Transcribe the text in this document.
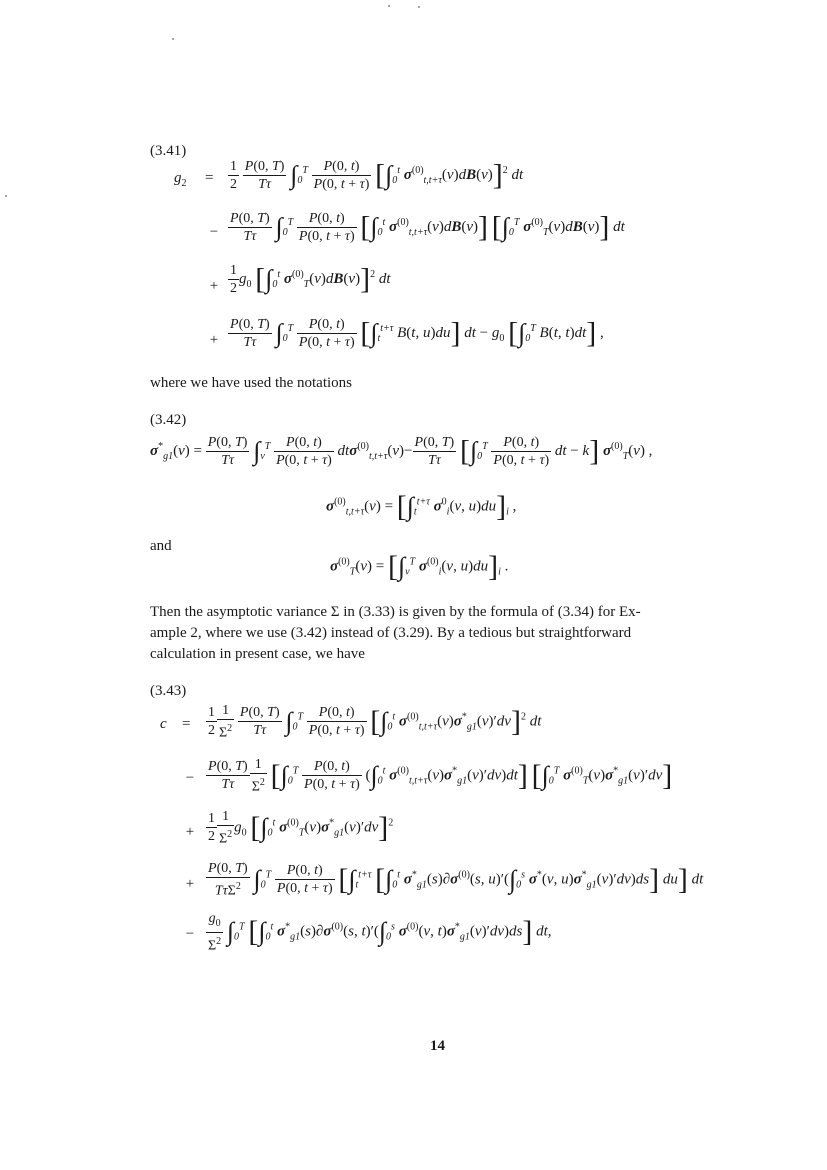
(3.41)
$g_2 = \frac{1}{2}$
$\frac{P(0, T)}{T\tau} \int_0^T \frac{P(0, t)}{P(0, t + \tau)} [\int_0^t$ $\sigma^{(0)}_{t,t+\tau}(v)dB(v)]^2$ dt
− $\frac{P(0, T)}{T\tau} \int_0^T \frac{P(0, t)}{P(0, t + \tau)} [\int_0^t$ $\sigma^{(0)}_{t,t+\tau}(v)dB(v)$] [$\int_0^T$ $\sigma^{(0)}_T(v)dB(v)$] dt
+ $\frac{1}{2} g_0$ [$\int_0^t$ $\sigma^{(0)}_T(v)dB(v)]^2$ dt
+ $\frac{P(0, T)}{T\tau} \int_0^T \frac{P(0, t)}{P(0, t + \tau)} [\int_t^{t+\tau}$ B(t, u)du] dt − $g_0$ [$\int_0^T$ B(t, t)dt] ,
where we have used the notations
(3.42)
$\sigma^*_{g1}(v) = \frac{P(0, T)}{T\tau} \int_v^T \frac{P(0, t)}{P(0, t + \tau)} dt\sigma^{(0)}_{t,t+\tau}(v)- \frac{P(0, T)}{T\tau} [\int_0^T \frac{P(0, t)}{P(0, t + \tau)}$ dt − k] $\sigma^{(0)}_T(v)$ ,
$\sigma^{(0)}_{t,t+\tau}(v) = [\int_t^{t+\tau}$ $\sigma^0_i(v$, $u)du]_i$ ,
and
$\sigma^{(0)}_T(v) = [\int_v^T$ $\sigma^{(0)}_i(v$, $u)du]_i$ .
Then the asymptotic variance Σ in (3.33) is given by the formula of (3.34) for Ex-
ample 2, where we use (3.42) instead of (3.29). By a tedious but straightforward
calculation in present case, we have
(3.43)
$c = \frac{1}{2} \frac{1}{\Sigma^2}$
$\frac{P(0, T)}{T\tau} \int_0^T \frac{P(0, t)}{P(0, t + \tau)} [\int_0^t$ $\sigma^{(0)}_{t,t+\tau}(v)\sigma^*_{g1}(v)'dv]^2$ dt
− $\frac{P(0, T)}{T\tau} \frac{1}{\Sigma^2} [\int_0^T \frac{P(0, t)}{P(0, t + \tau)} (\int_0^t$ $\sigma^{(0)}_{t,t+\tau}(v)\sigma^*_{g1}(v)'dv)dt$] [$\int_0^T$ $\sigma^{(0)}_T(v)\sigma^*_{g1}(v)'dv$]
+ $\frac{1}{2} \frac{1}{\Sigma^2} g_0$ [$\int_0^t$ $\sigma^{(0)}_T(v)\sigma^*_{g1}(v)'dv]^2$
+ $\frac{P(0, T)}{T\tau\Sigma^2} \int_0^T \frac{P(0, t)}{P(0, t + \tau)} [\int_t^{t+\tau}$ [$\int_0^t$ $\sigma^*_{g1}(s)\partial\sigma^{(0)}(s$, $u)'(\int_0^s$ σ*(v, $u)\sigma^*_{g1}(v)'dv)ds$] du] dt
− $\frac{g_0}{\Sigma^2} \int_0^T$ [$\int_0^t$ $\sigma^*_{g1}(s)\partial\sigma^{(0)}(s$, $t)'(\int_0^s$ $\sigma^{(0)}(v$, $t)\sigma^*_{g1}(v)'dv)ds$] dt,
14
